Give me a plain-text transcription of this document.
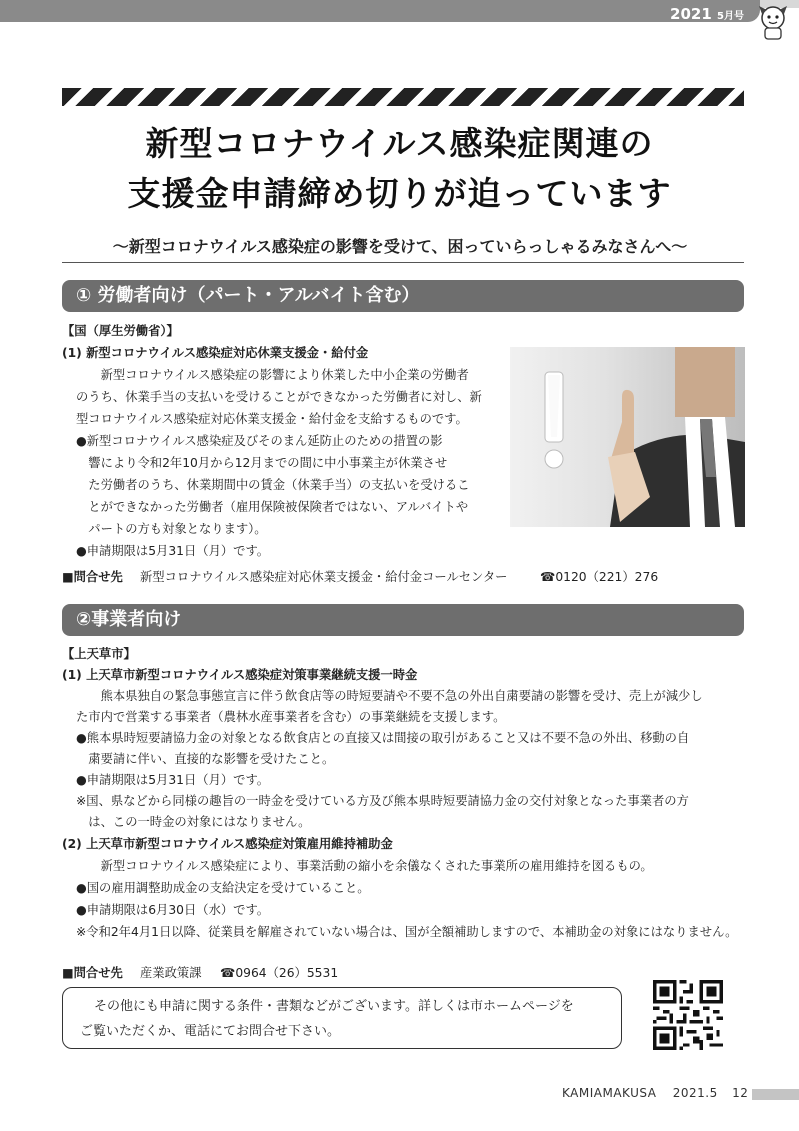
2021 5月号
新型コロナウイルス感染症関連の
支援金申請締め切りが迫っています
～新型コロナウイルス感染症の影響を受けて、困っていらっしゃるみなさんへ～
① 労働者向け（パート・アルバイト含む）
【国（厚生労働省）】
(1) 新型コロナウイルス感染症対応休業支援金・給付金
　　新型コロナウイルス感染症の影響により休業した中小企業の労働者
のうち、休業手当の支払いを受けることができなかった労働者に対し、新
型コロナウイルス感染症対応休業支援金・給付金を支給するものです。
●新型コロナウイルス感染症及びそのまん延防止のための措置の影
　響により令和2年10月から12月までの間に中小事業主が休業させ
　た労働者のうち、休業期間中の賃金（休業手当）の支払いを受けるこ
　とができなかった労働者（雇用保険被保険者ではない、アルバイトや
　パートの方も対象となります）。
●申請期限は5月31日（月）です。
■問合せ先 新型コロナウイルス感染症対応休業支援金・給付金コールセンター	☎0120（221）276
②事業者向け
【上天草市】
(1) 上天草市新型コロナウイルス感染症対策事業継続支援一時金
　　熊本県独自の緊急事態宣言に伴う飲食店等の時短要請や不要不急の外出自粛要請の影響を受け、売上が減少し
た市内で営業する事業者（農林水産事業者を含む）の事業継続を支援します。
●熊本県時短要請協力金の対象となる飲食店との直接又は間接の取引があること又は不要不急の外出、移動の自
　粛要請に伴い、直接的な影響を受けたこと。
●申請期限は5月31日（月）です。
※国、県などから同様の趣旨の一時金を受けている方及び熊本県時短要請協力金の交付対象となった事業者の方
　は、この一時金の対象にはなりません。
(2) 上天草市新型コロナウイルス感染症対策雇用維持補助金
　　新型コロナウイルス感染症により、事業活動の縮小を余儀なくされた事業所の雇用維持を図るもの。
●国の雇用調整助成金の支給決定を受けていること。
●申請期限は6月30日（水）です。
※令和2年4月1日以降、従業員を解雇されていない場合は、国が全額補助しますので、本補助金の対象にはなりません。
■問合せ先 産業政策課 ☎0964（26）5531
その他にも申請に関する条件・書類などがございます。詳しくは市ホームページを
ご覧いただくか、電話にてお問合せ下さい。
KAMIAMAKUSA 2021.5 12
